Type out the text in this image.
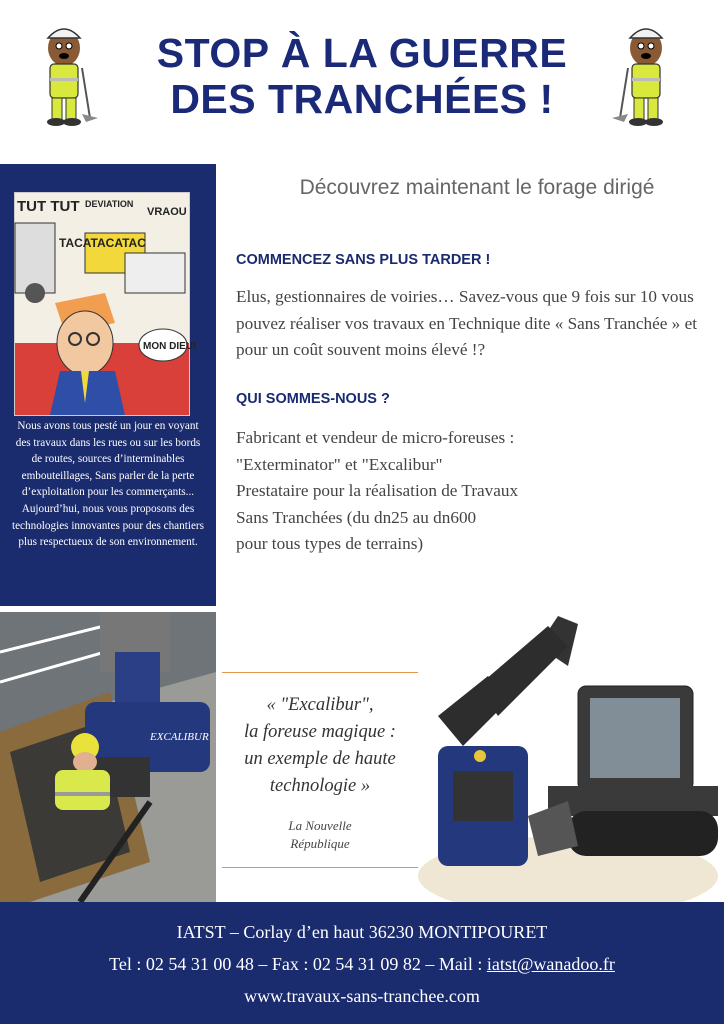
STOP À LA GUERRE
DES TRANCHÉES !
TUT TUT DEVIATION
VRAOU
TACATACATAC
MON DIEU!
Nous avons tous pesté un jour en voyant des travaux dans les rues ou sur les bords de routes, sources d’interminables embouteillages, Sans parler de la perte d’exploitation pour les commerçants... Aujourd’hui, nous vous proposons des technologies innovantes pour des chantiers plus respectueux de son environnement.
Découvrez maintenant le forage dirigé
COMMENCEZ SANS PLUS TARDER !
Elus, gestionnaires de voiries… Savez-vous que 9 fois sur 10 vous pouvez réaliser vos travaux en Technique dite « Sans Tranchée » et pour un coût souvent moins élevé !?
QUI SOMMES-NOUS ?
Fabricant et vendeur de micro-foreuses :
"Exterminator" et "Excalibur"
Prestataire pour la réalisation de Travaux
Sans Tranchées (du dn25 au dn600
pour tous types de terrains)
EXCALIBUR
« "Excalibur",
la foreuse magique :
un exemple de haute
technologie »
La Nouvelle
République
IATST – Corlay d’en haut 36230 MONTIPOURET
Tel : 02 54 31 00 48 – Fax : 02 54 31 09 82 – Mail : iatst@wanadoo.fr
www.travaux-sans-tranchee.com
